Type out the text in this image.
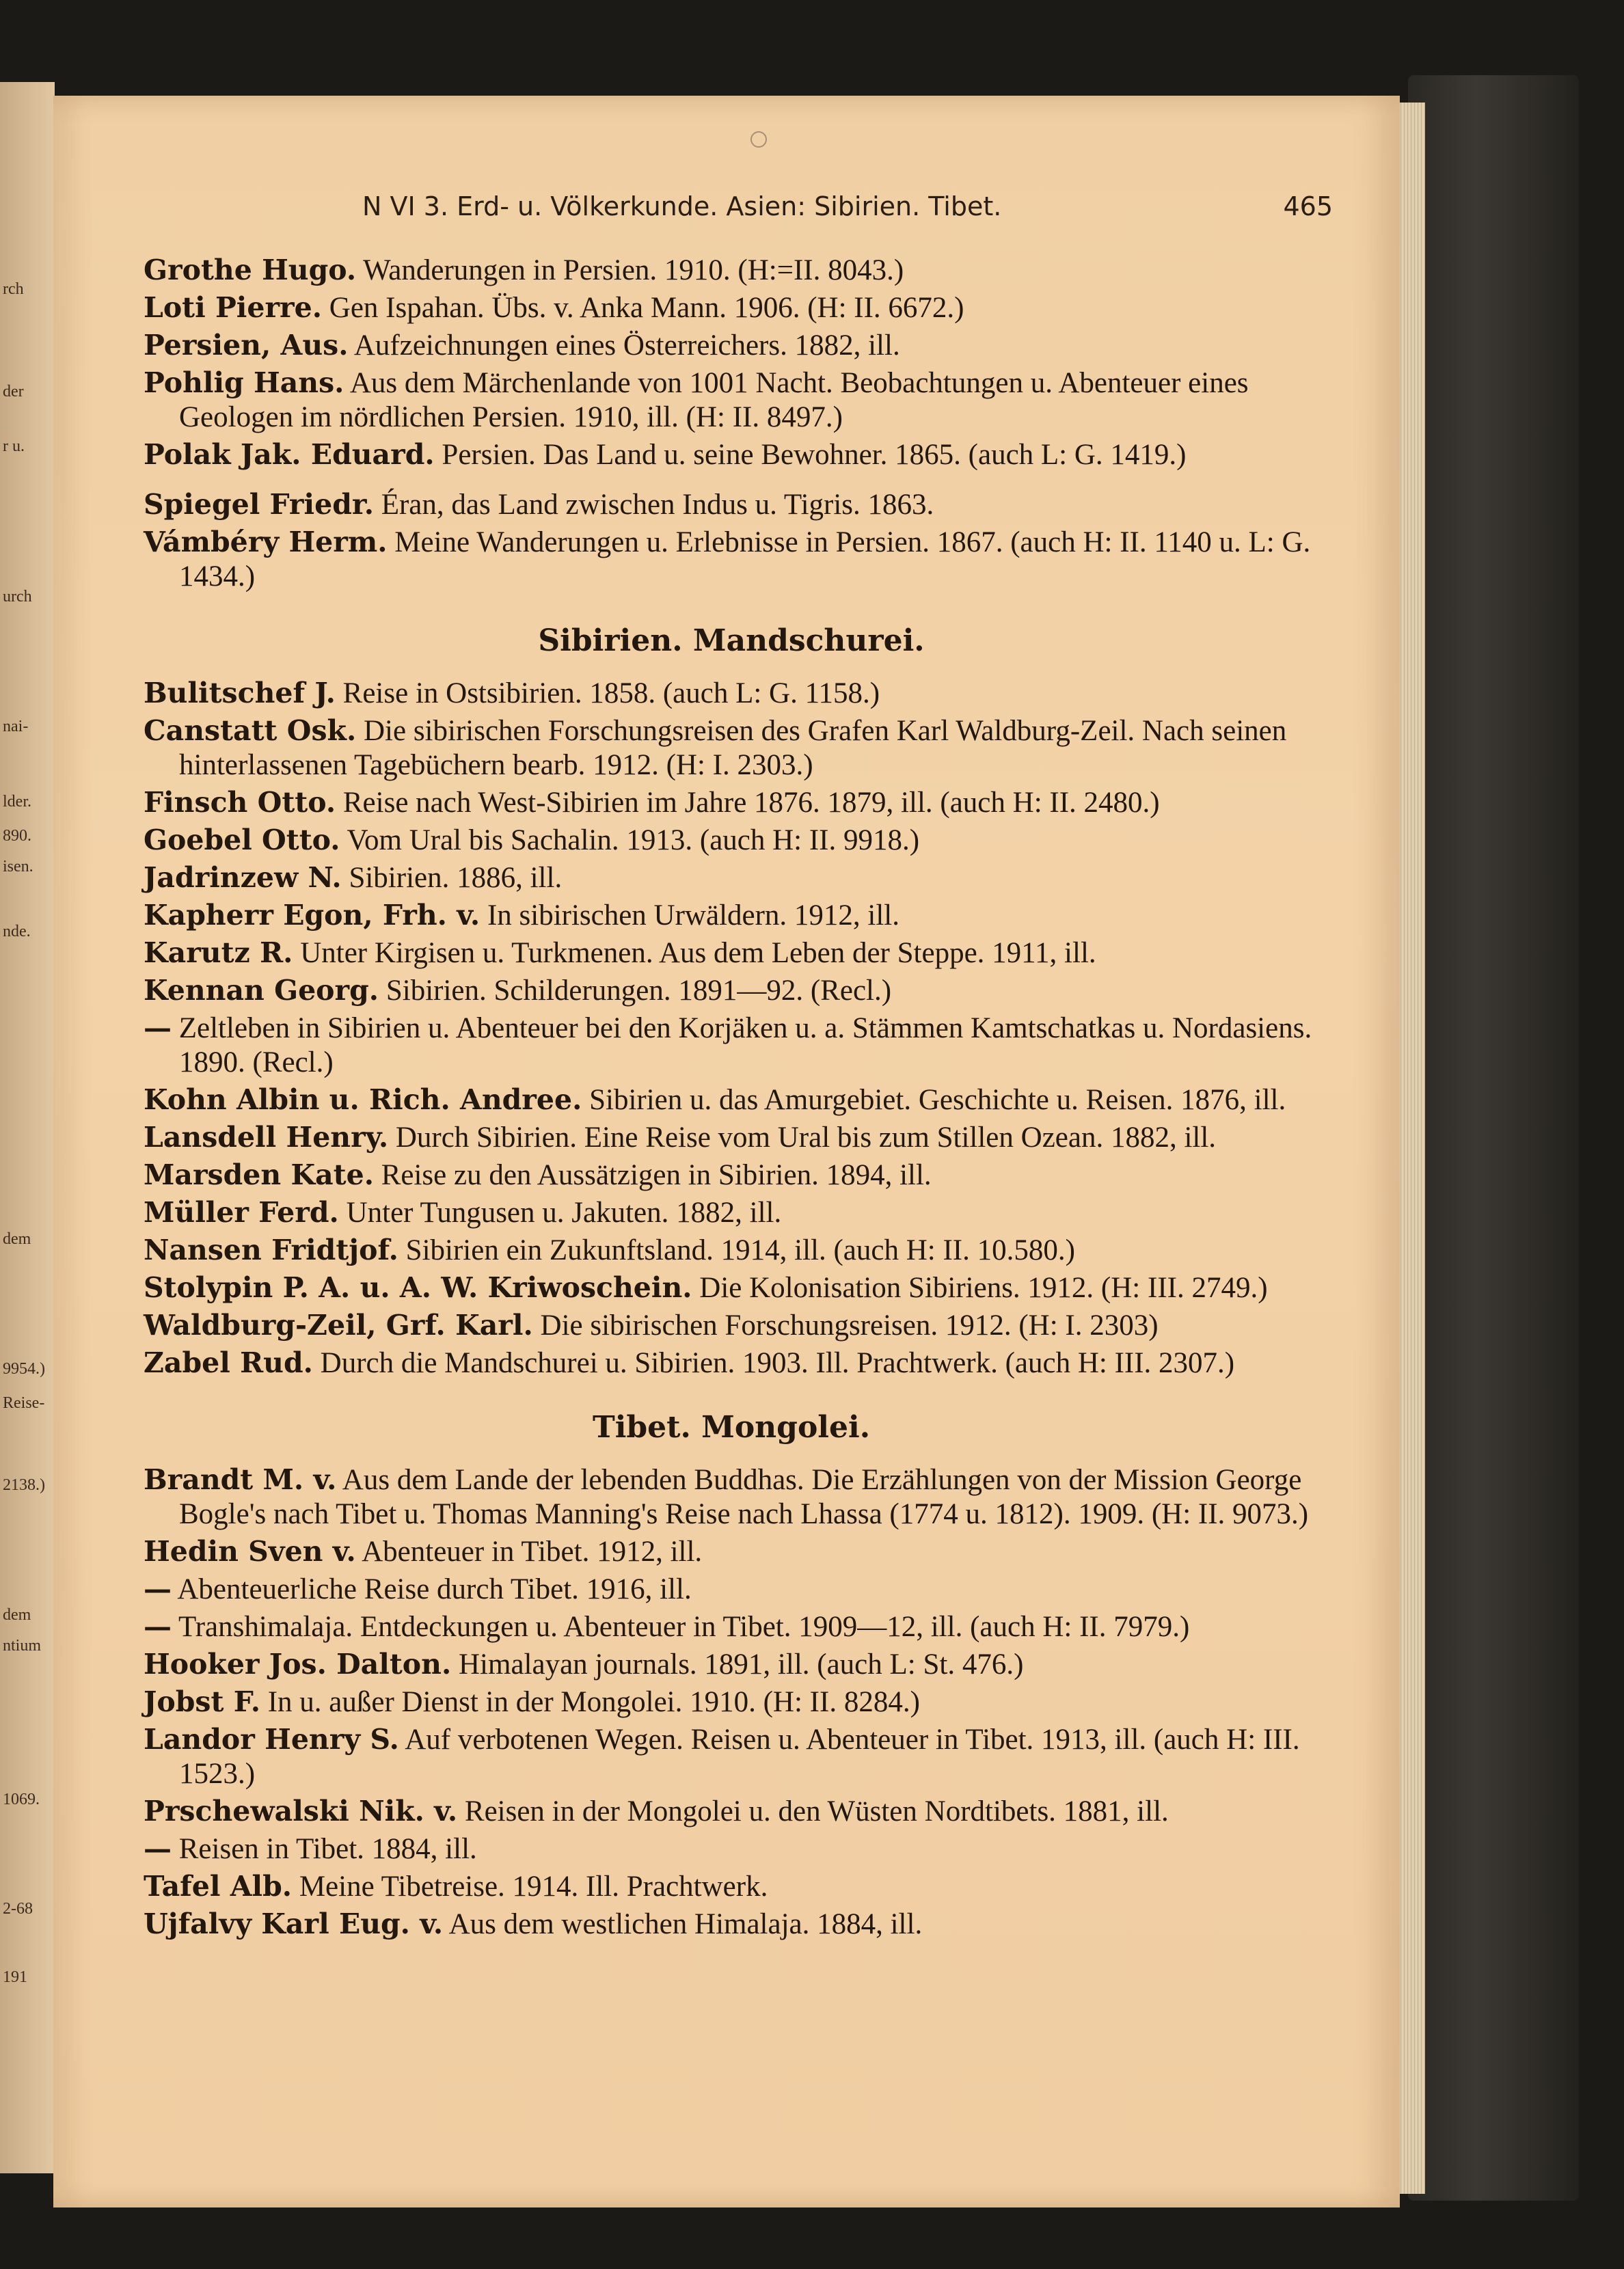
rch
der
r u.
urch
nai-
lder.
890.
isen.
nde.
dem
9954.)
Reise-
2138.)
dem
ntium
1069.
2-68
191
N VI 3. Erd- u. Völkerkunde. Asien: Sibirien. Tibet.	465
Grothe Hugo. Wanderungen in Persien. 1910. (H:=II. 8043.)
Loti Pierre. Gen Ispahan. Übs. v. Anka Mann. 1906. (H: II. 6672.)
Persien, Aus. Aufzeichnungen eines Österreichers. 1882, ill.
Pohlig Hans. Aus dem Märchenlande von 1001 Nacht. Beobachtungen u. Abenteuer eines Geologen im nördlichen Persien. 1910, ill. (H: II. 8497.)
Polak Jak. Eduard. Persien. Das Land u. seine Bewohner. 1865. (auch L: G. 1419.)
Spiegel Friedr. Éran, das Land zwischen Indus u. Tigris. 1863.
Vámbéry Herm. Meine Wanderungen u. Erlebnisse in Persien. 1867. (auch H: II. 1140 u. L: G. 1434.)
Sibirien. Mandschurei.
Bulitschef J. Reise in Ostsibirien. 1858. (auch L: G. 1158.)
Canstatt Osk. Die sibirischen Forschungsreisen des Grafen Karl Waldburg-Zeil. Nach seinen hinterlassenen Tagebüchern bearb. 1912. (H: I. 2303.)
Finsch Otto. Reise nach West-Sibirien im Jahre 1876. 1879, ill. (auch H: II. 2480.)
Goebel Otto. Vom Ural bis Sachalin. 1913. (auch H: II. 9918.)
Jadrinzew N. Sibirien. 1886, ill.
Kapherr Egon, Frh. v. In sibirischen Urwäldern. 1912, ill.
Karutz R. Unter Kirgisen u. Turkmenen. Aus dem Leben der Steppe. 1911, ill.
Kennan Georg. Sibirien. Schilderungen. 1891—92. (Recl.)
— Zeltleben in Sibirien u. Abenteuer bei den Korjäken u. a. Stämmen Kamtschatkas u. Nordasiens. 1890. (Recl.)
Kohn Albin u. Rich. Andree. Sibirien u. das Amurgebiet. Geschichte u. Reisen. 1876, ill.
Lansdell Henry. Durch Sibirien. Eine Reise vom Ural bis zum Stillen Ozean. 1882, ill.
Marsden Kate. Reise zu den Aussätzigen in Sibirien. 1894, ill.
Müller Ferd. Unter Tungusen u. Jakuten. 1882, ill.
Nansen Fridtjof. Sibirien ein Zukunftsland. 1914, ill. (auch H: II. 10.580.)
Stolypin P. A. u. A. W. Kriwoschein. Die Kolonisation Sibiriens. 1912. (H: III. 2749.)
Waldburg-Zeil, Grf. Karl. Die sibirischen Forschungsreisen. 1912. (H: I. 2303)
Zabel Rud. Durch die Mandschurei u. Sibirien. 1903. Ill. Prachtwerk. (auch H: III. 2307.)
Tibet. Mongolei.
Brandt M. v. Aus dem Lande der lebenden Buddhas. Die Erzählungen von der Mission George Bogle's nach Tibet u. Thomas Manning's Reise nach Lhassa (1774 u. 1812). 1909. (H: II. 9073.)
Hedin Sven v. Abenteuer in Tibet. 1912, ill.
— Abenteuerliche Reise durch Tibet. 1916, ill.
— Transhimalaja. Entdeckungen u. Abenteuer in Tibet. 1909—12, ill. (auch H: II. 7979.)
Hooker Jos. Dalton. Himalayan journals. 1891, ill. (auch L: St. 476.)
Jobst F. In u. außer Dienst in der Mongolei. 1910. (H: II. 8284.)
Landor Henry S. Auf verbotenen Wegen. Reisen u. Abenteuer in Tibet. 1913, ill. (auch H: III. 1523.)
Prschewalski Nik. v. Reisen in der Mongolei u. den Wüsten Nordtibets. 1881, ill.
— Reisen in Tibet. 1884, ill.
Tafel Alb. Meine Tibetreise. 1914. Ill. Prachtwerk.
Ujfalvy Karl Eug. v. Aus dem westlichen Himalaja. 1884, ill.
